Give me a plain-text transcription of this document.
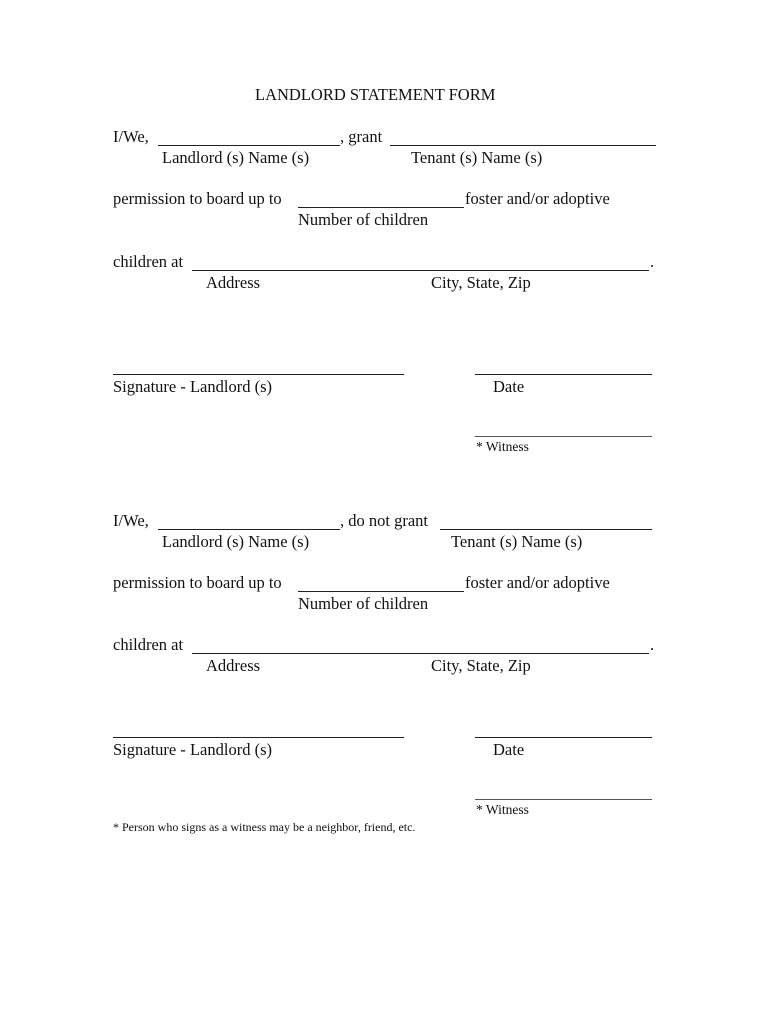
LANDLORD STATEMENT FORM
I/We,	, grant
Landlord (s) Name (s)	Tenant (s) Name (s)
permission to board up to	foster and/or adoptive
Number of children
children at	.
Address	City, State, Zip
Signature - Landlord (s)	Date
* Witness
I/We,	, do not grant
Landlord (s) Name (s)	Tenant (s) Name (s)
permission to board up to	foster and/or adoptive
Number of children
children at	.
Address	City, State, Zip
Signature - Landlord (s)	Date
* Witness
* Person who signs as a witness may be a neighbor, friend, etc.
